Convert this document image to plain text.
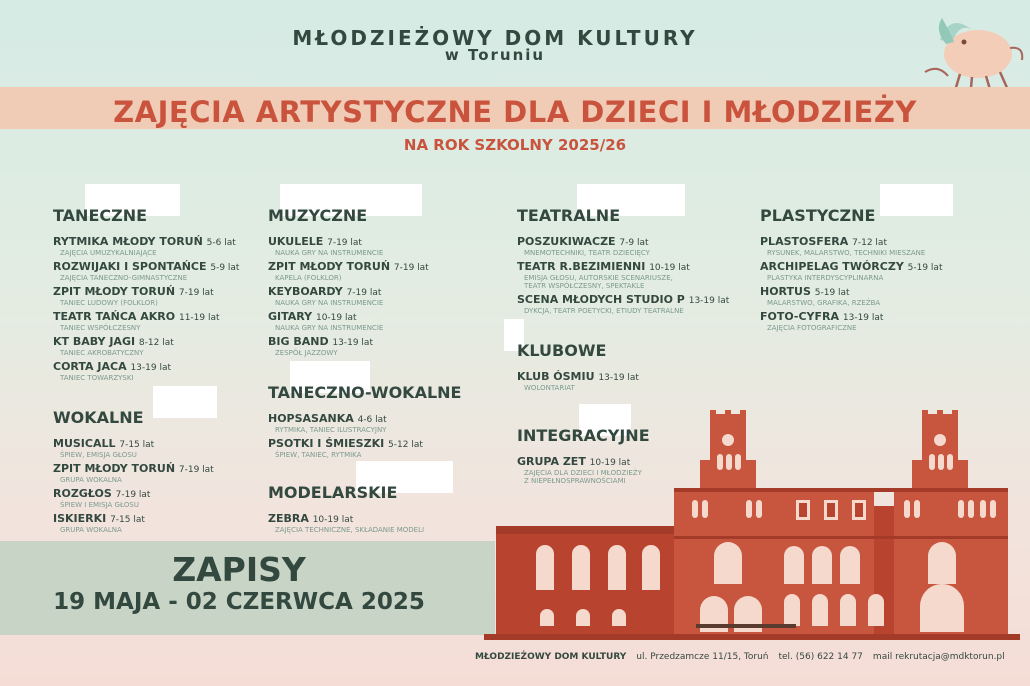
MŁODZIEŻOWY DOM KULTURY
w Toruniu
ZAJĘCIA ARTYSTYCZNE DLA DZIECI I MŁODZIEŻY
NA ROK SZKOLNY 2025/26
TANECZNE
RYTMIKA MŁODY TORUŃ 5-6 lat
ZAJĘCIA UMUZYKALNIAJĄCE
ROZWIJAKI I SPONTAŃCE 5-9 lat
ZAJĘCIA TANECZNO-GIMNASTYCZNE
ZPIT MŁODY TORUŃ 7-19 lat
TANIEC LUDOWY (FOLKLOR)
TEATR TAŃCA AKRO 11-19 lat
TANIEC WSPÓŁCZESNY
KT BABY JAGI 8-12 lat
TANIEC AKROBATYCZNY
CORTA JACA 13-19 lat
TANIEC TOWARZYSKI
WOKALNE
MUSICALL 7-15 lat
ŚPIEW, EMISJA GŁOSU
ZPIT MŁODY TORUŃ 7-19 lat
GRUPA WOKALNA
ROZGŁOS 7-19 lat
ŚPIEW I EMISJA GŁOSU
ISKIERKI 7-15 lat
GRUPA WOKALNA
MUZYCZNE
UKULELE 7-19 lat
NAUKA GRY NA INSTRUMENCIE
ZPIT MŁODY TORUŃ 7-19 lat
KAPELA (FOLKLOR)
KEYBOARDY 7-19 lat
NAUKA GRY NA INSTRUMENCIE
GITARY 10-19 lat
NAUKA GRY NA INSTRUMENCIE
BIG BAND 13-19 lat
ZESPÓŁ JAZZOWY
TANECZNO-WOKALNE
HOPSASANKA 4-6 lat
RYTMIKA, TANIEC ILUSTRACYJNY
PSOTKI I ŚMIESZKI 5-12 lat
ŚPIEW, TANIEC, RYTMIKA
MODELARSKIE
ZEBRA 10-19 lat
ZAJĘCIA TECHNICZNE, SKŁADANIE MODELI
TEATRALNE
POSZUKIWACZE 7-9 lat
MNEMOTECHNIKI, TEATR DZIECIĘCY
TEATR R.BEZIMIENNI 10-19 lat
EMISJA GŁOSU, AUTORSKIE SCENARIUSZE,
TEATR WSPÓŁCZESNY, SPEKTAKLE
SCENA MŁODYCH STUDIO P 13-19 lat
DYKCJA, TEATR POETYCKI, ETIUDY TEATRALNE
KLUBOWE
KLUB ÓSMIU 13-19 lat
WOLONTARIAT
INTEGRACYJNE
GRUPA ZET 10-19 lat
ZAJĘCIA DLA DZIECI I MŁODZIEŻY
Z NIEPEŁNOSPRAWNOŚCIAMI
PLASTYCZNE
PLASTOSFERA 7-12 lat
RYSUNEK, MALARSTWO, TECHNIKI MIESZANE
ARCHIPELAG TWÓRCZY 5-19 lat
PLASTYKA INTERDYSCYPLINARNA
HORTUS 5-19 lat
MALARSTWO, GRAFIKA, RZEŹBA
FOTO-CYFRA 13-19 lat
ZAJĘCIA FOTOGRAFICZNE
ZAPISY
19 MAJA - 02 CZERWCA 2025
MŁODZIEŻOWY DOM KULTURY ul. Przedzamcze 11/15, Toruń tel. (56) 622 14 77 mail rekrutacja@mdktorun.pl
